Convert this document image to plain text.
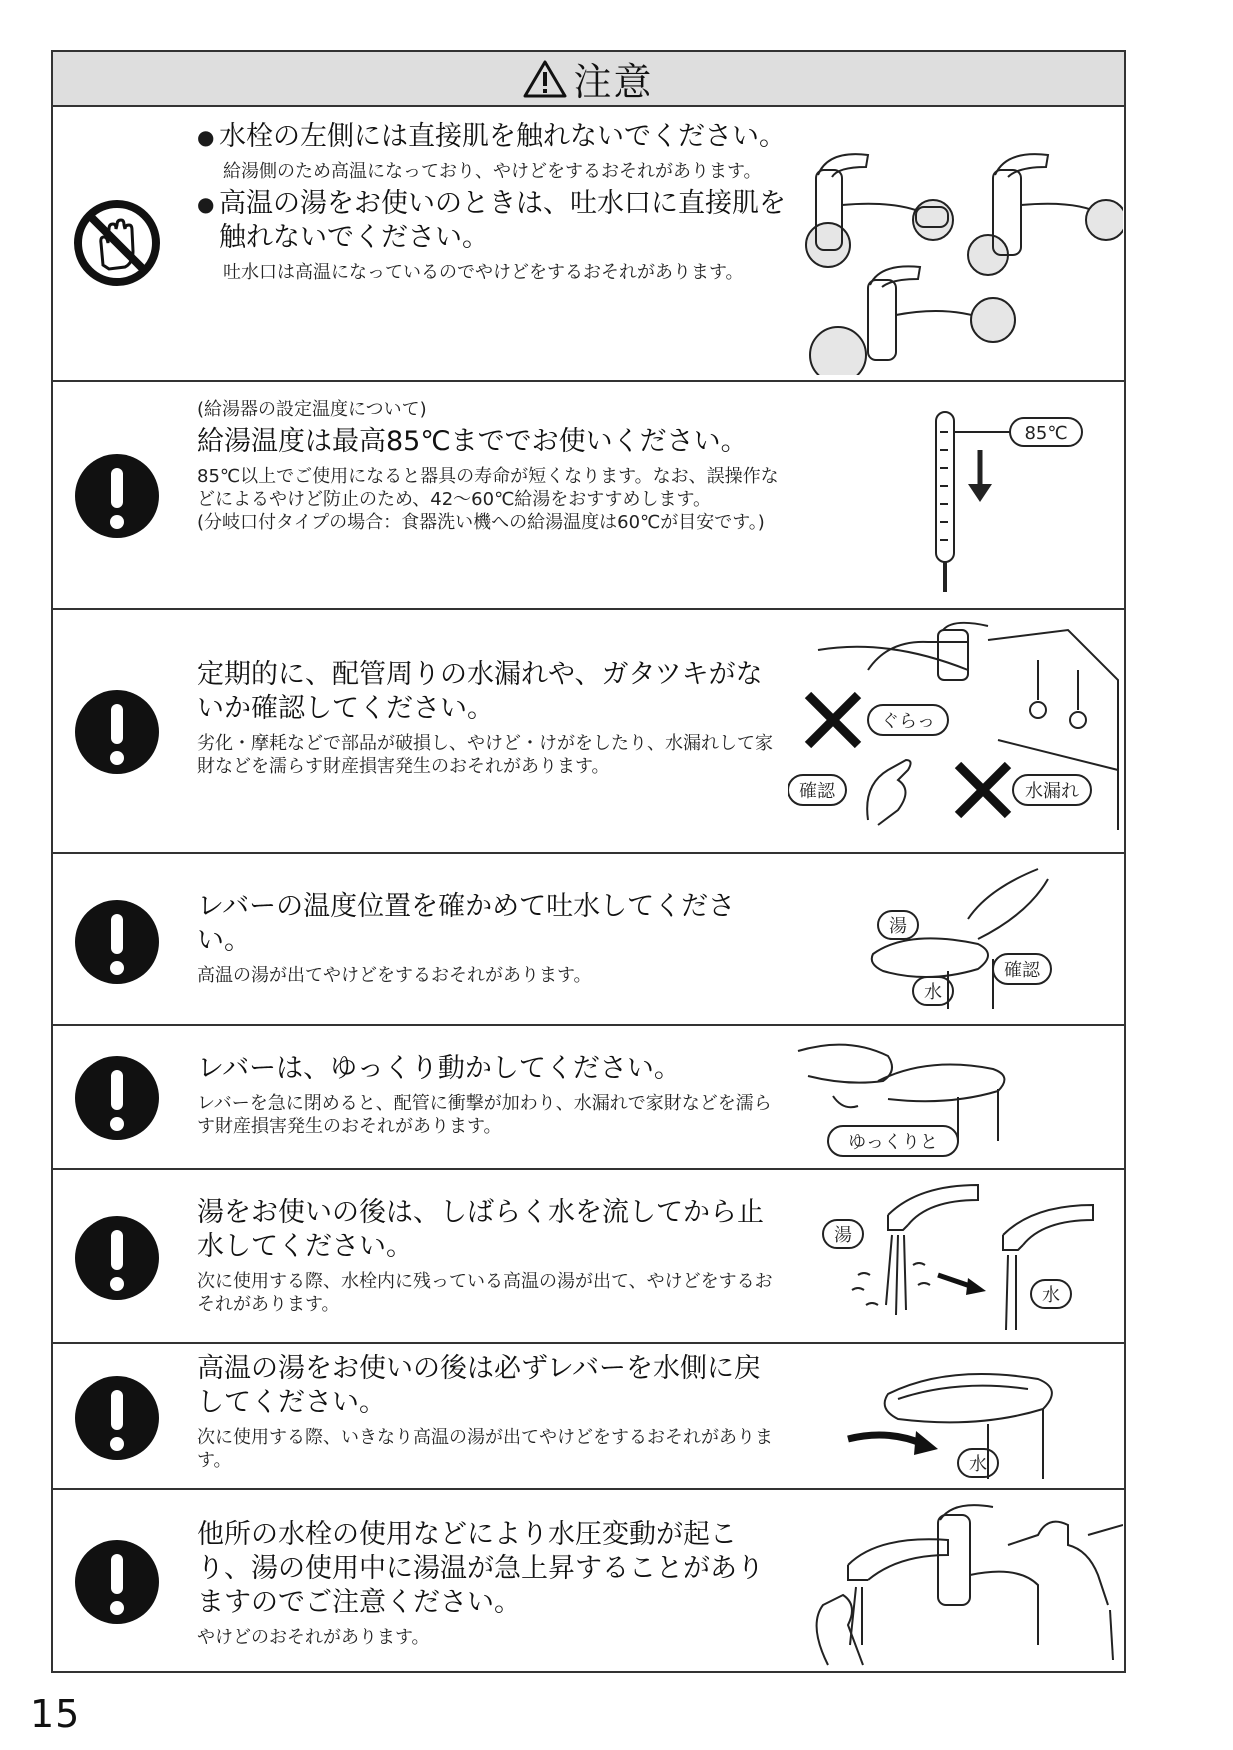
注意
● 水栓の左側には直接肌を触れないでください。

給湯側のため高温になっており、やけどをするおそれがあります。

● 高温の湯をお使いのときは、吐水口に直接肌を触れないでください。

吐水口は高温になっているのでやけどをするおそれがあります。

(給湯器の設定温度について)

給湯温度は最高85℃まででお使いください。

85℃以上でご使用になると器具の寿命が短くなります。なお、誤操作などによるやけど防止のため、42～60℃給湯をおすすめします。
(分岐口付タイプの場合：食器洗い機への給湯温度は60℃が目安です。)

85℃
定期的に、配管周りの水漏れや、ガタツキがないか確認してください。

劣化・摩耗などで部品が破損し、やけど・けがをしたり、水漏れして家財などを濡らす財産損害発生のおそれがあります。

ぐらっ
確認	水漏れ
レバーの温度位置を確かめて吐水してください。

高温の湯が出てやけどをするおそれがあります。

湯
確認
水
レバーは、ゆっくり動かしてください。

レバーを急に閉めると、配管に衝撃が加わり、水漏れで家財などを濡らす財産損害発生のおそれがあります。

ゆっくりと
湯をお使いの後は、しばらく水を流してから止水してください。

次に使用する際、水栓内に残っている高温の湯が出て、やけどをするおそれがあります。

湯
水
高温の湯をお使いの後は必ずレバーを水側に戻してください。

次に使用する際、いきなり高温の湯が出てやけどをするおそれがあります。	水
他所の水栓の使用などにより水圧変動が起こり、湯の使用中に湯温が急上昇することがありますのでご注意ください。

やけどのおそれがあります。

15
